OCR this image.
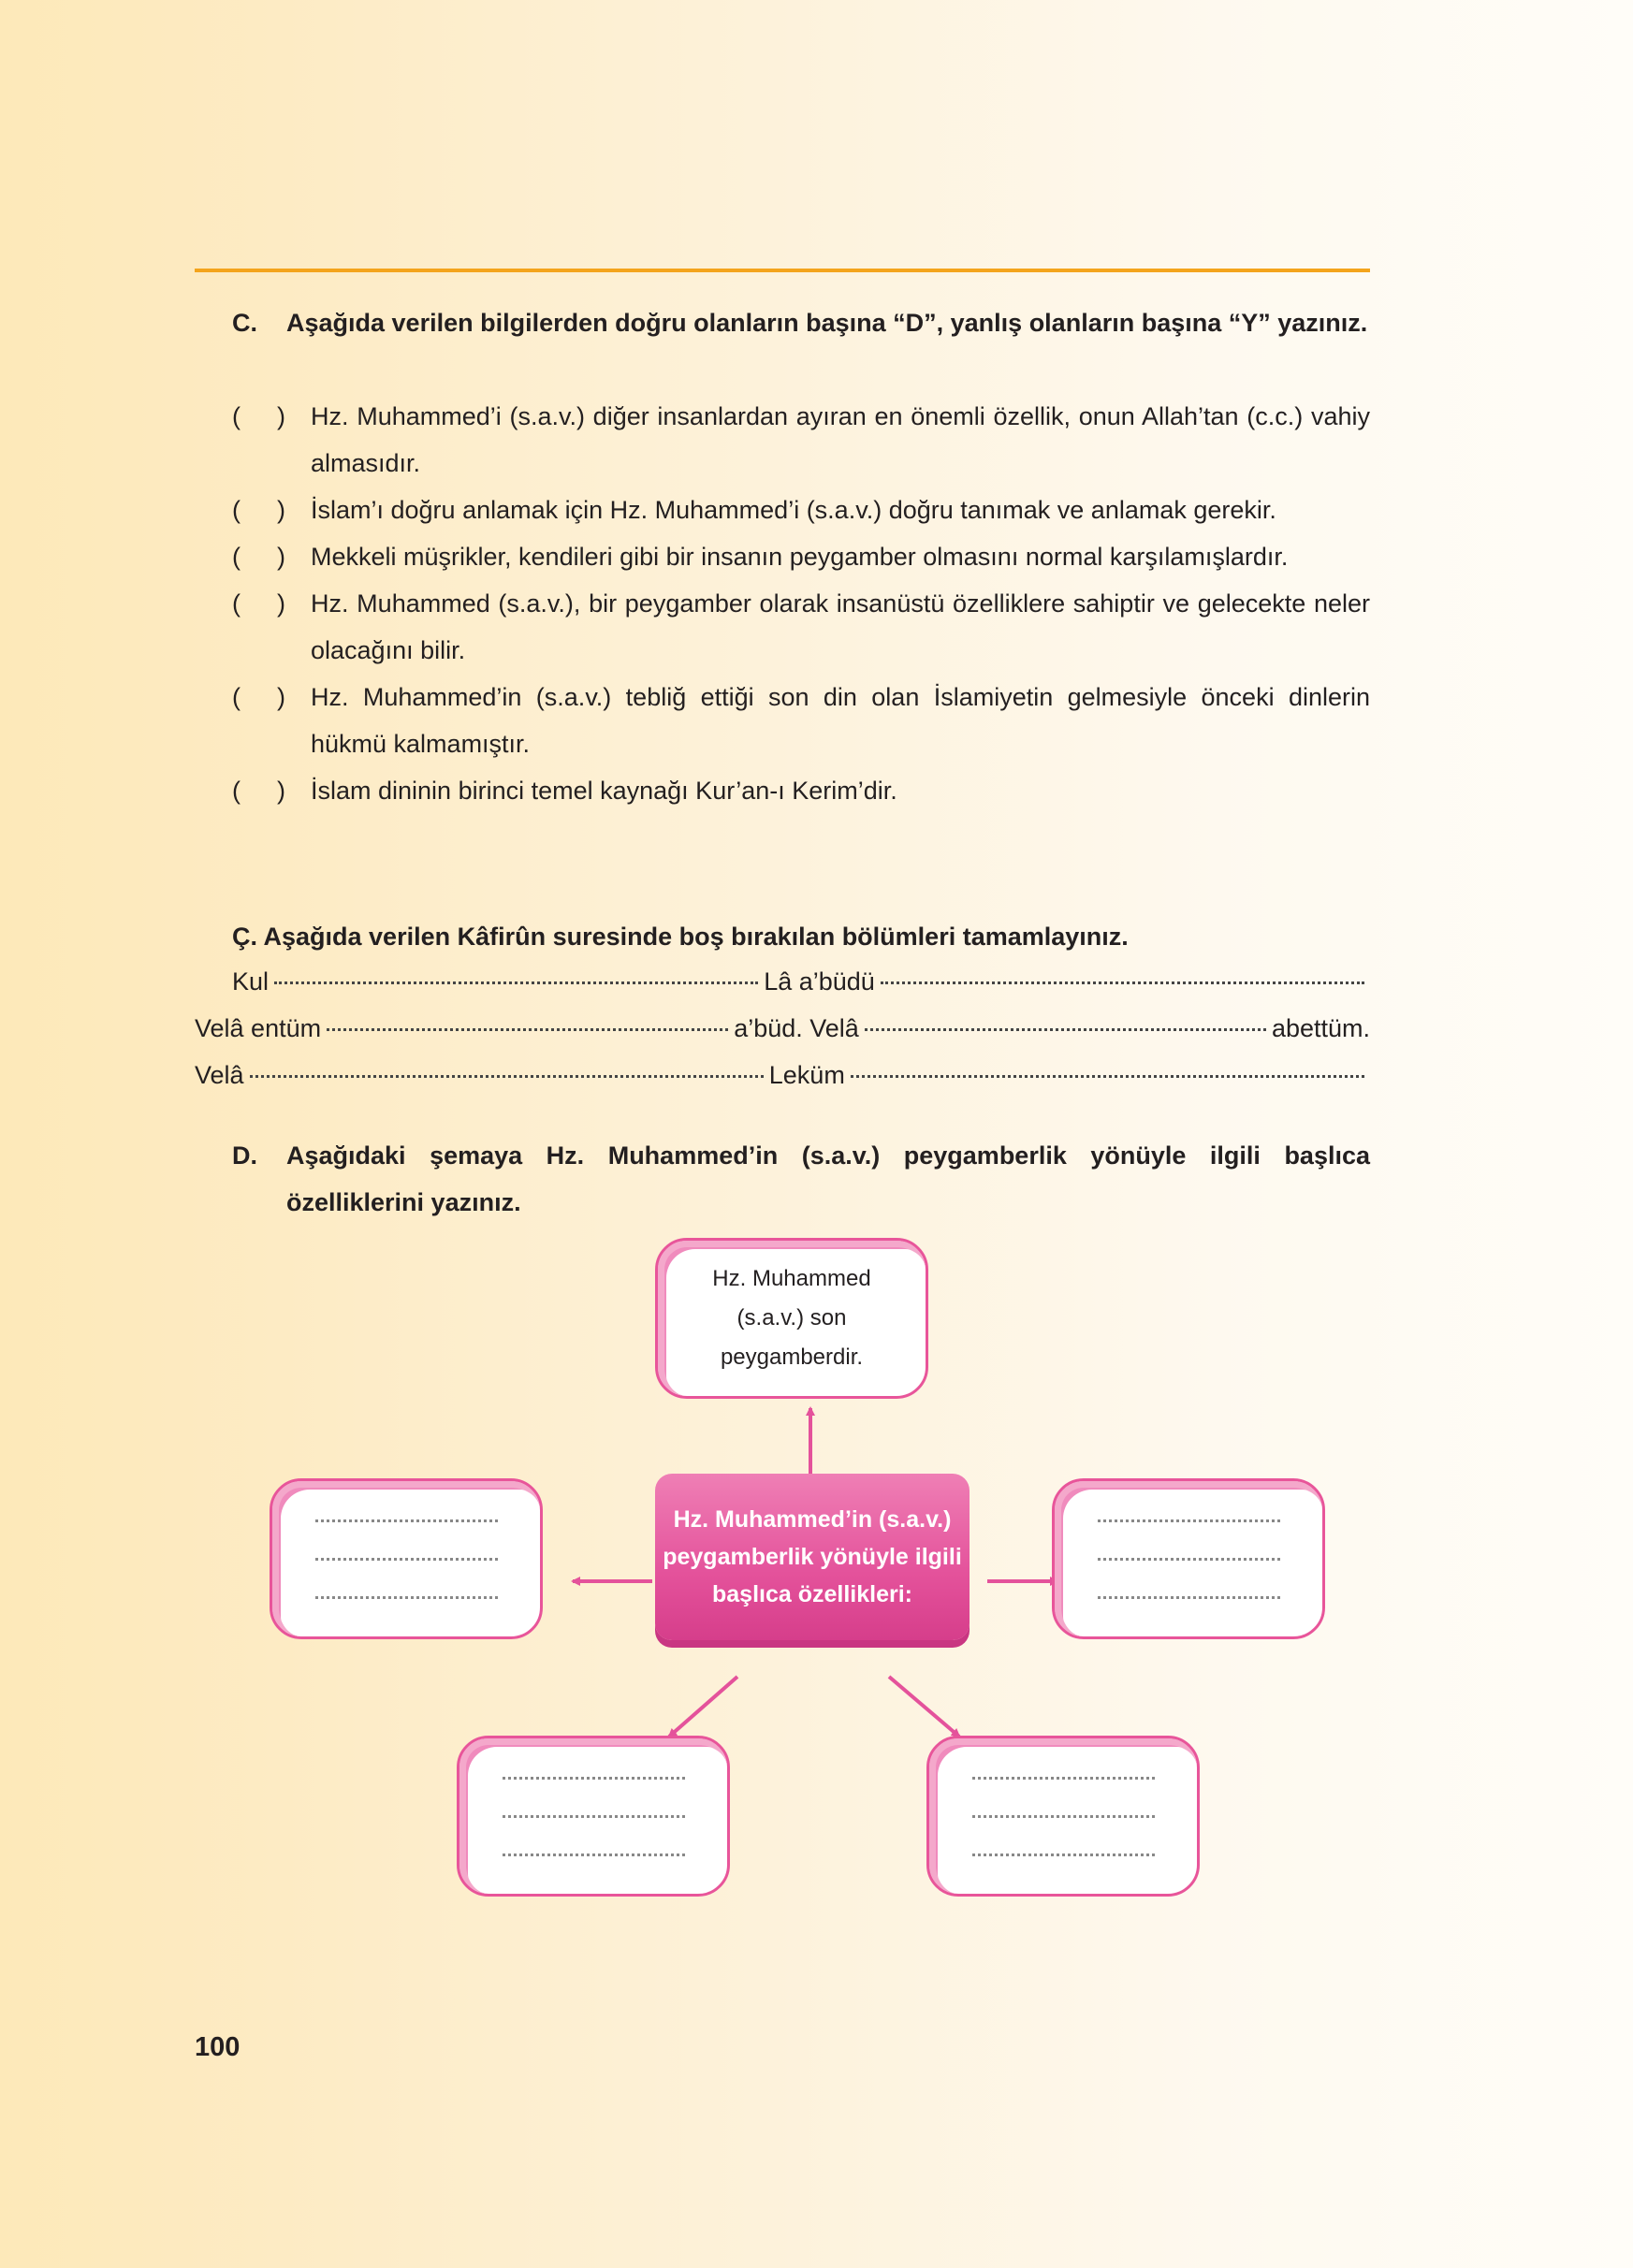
C. Aşağıda verilen bilgilerden doğru olanların başına “D”, yanlış olanların başına “Y” yazınız.
( )	Hz. Muhammed’i (s.a.v.) diğer insanlardan ayıran en önemli özellik, onun Allah’tan (c.c.) vahiy almasıdır.
( )	İslam’ı doğru anlamak için Hz. Muhammed’i (s.a.v.) doğru tanımak ve anlamak gerekir.
( )	Mekkeli müşrikler, kendileri gibi bir insanın peygamber olmasını normal karşılamışlardır.
( )	Hz. Muhammed (s.a.v.), bir peygamber olarak insanüstü özelliklere sahiptir ve gelecekte neler olacağını bilir.
( )	Hz. Muhammed’in (s.a.v.) tebliğ ettiği son din olan İslamiyetin gelmesiyle önceki dinlerin hükmü kalmamıştır.
( )	İslam dininin birinci temel kaynağı Kur’an-ı Kerim’dir.
Ç. Aşağıda verilen Kâfirûn suresinde boş bırakılan bölümleri tamamlayınız.
Kul	Lâ a’büdü
Velâ entüm	a’büd. Velâ	abettüm.
Velâ	Leküm
D. Aşağıdaki şemaya Hz. Muhammed’in (s.a.v.) peygamberlik yönüyle ilgili başlıca özelliklerini yazınız.
Hz. Muhammed (s.a.v.) son peygamberdir.
Hz. Muhammed’in (s.a.v.) peygamberlik yönüyle ilgili başlıca özellikleri:
100
